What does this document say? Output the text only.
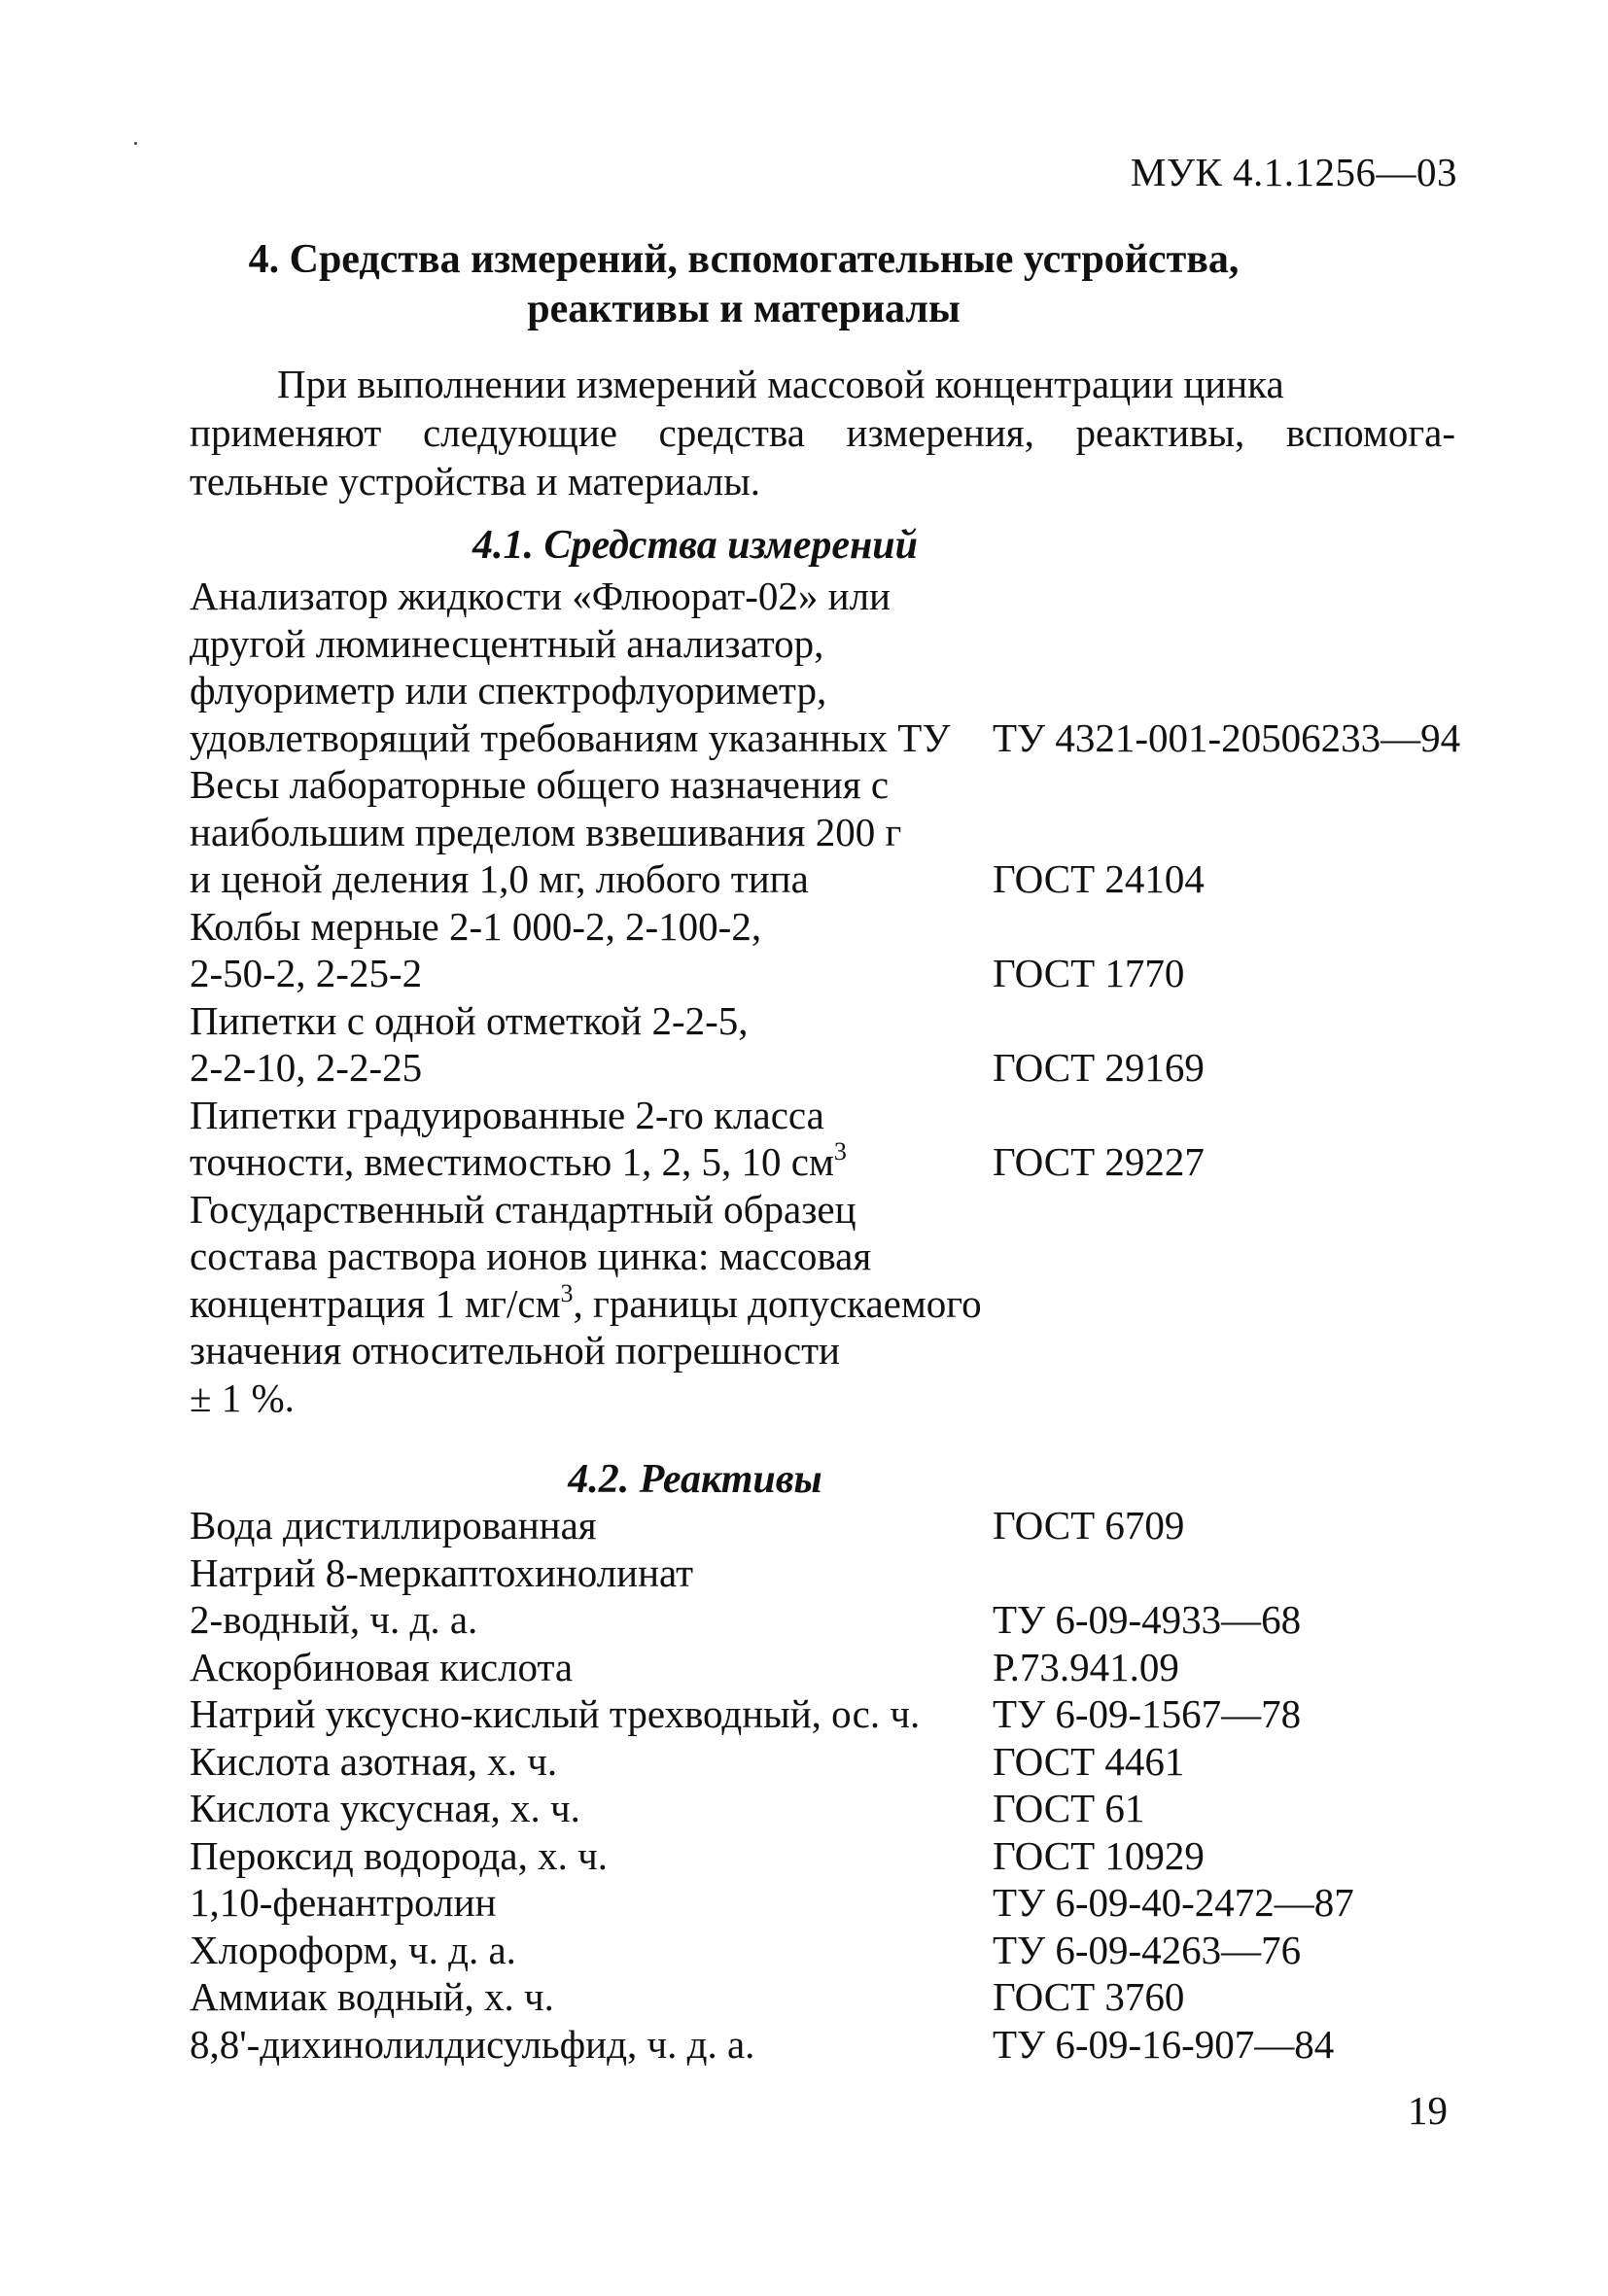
МУК 4.1.1256—03
4. Средства измерений, вспомогательные устройства,
реактивы и материалы
При выполнении измерений массовой концентрации цинка
применяют следующие средства измерения, реактивы, вспомога-
тельные устройства и материалы.
4.1. Средства измерений
Анализатор жидкости «Флюорат-02» или
другой люминесцентный анализатор,
флуориметр или спектрофлуориметр,
удовлетворящий требованиям указанных ТУ ТУ 4321-001-20506233—94
Весы лабораторные общего назначения с
наибольшим пределом взвешивания 200 г
и ценой деления 1,0 мг, любого типа	ГОСТ 24104
Колбы мерные 2-1 000-2, 2-100-2,
2-50-2, 2-25-2	ГОСТ 1770
Пипетки с одной отметкой 2-2-5,
2-2-10, 2-2-25	ГОСТ 29169
Пипетки градуированные 2-го класса
точности, вместимостью 1, 2, 5, 10 $см^3$	ГОСТ 29227
Государственный стандартный образец
состава раствора ионов цинка: массовая
концентрация 1 $мг/см^3$, границы допускаемого
значения относительной погрешности
± 1 %.
4.2. Реактивы
Вода дистиллированная	ГОСТ 6709
Натрий 8-меркаптохинолинат
2-водный, ч. д. а.	ТУ 6-09-4933—68
Аскорбиновая кислота	Р.73.941.09
Натрий уксусно-кислый трехводный, ос. ч. ТУ 6-09-1567—78
Кислота азотная, х. ч.	ГОСТ 4461
Кислота уксусная, х. ч.	ГОСТ 61
Пероксид водорода, х. ч.	ГОСТ 10929
1,10-фенантролин	ТУ 6-09-40-2472—87
Хлороформ, ч. д. а.	ТУ 6-09-4263—76
Аммиак водный, х. ч.	ГОСТ 3760
8,8'-дихинолилдисульфид, ч. д. а.	ТУ 6-09-16-907—84
19
